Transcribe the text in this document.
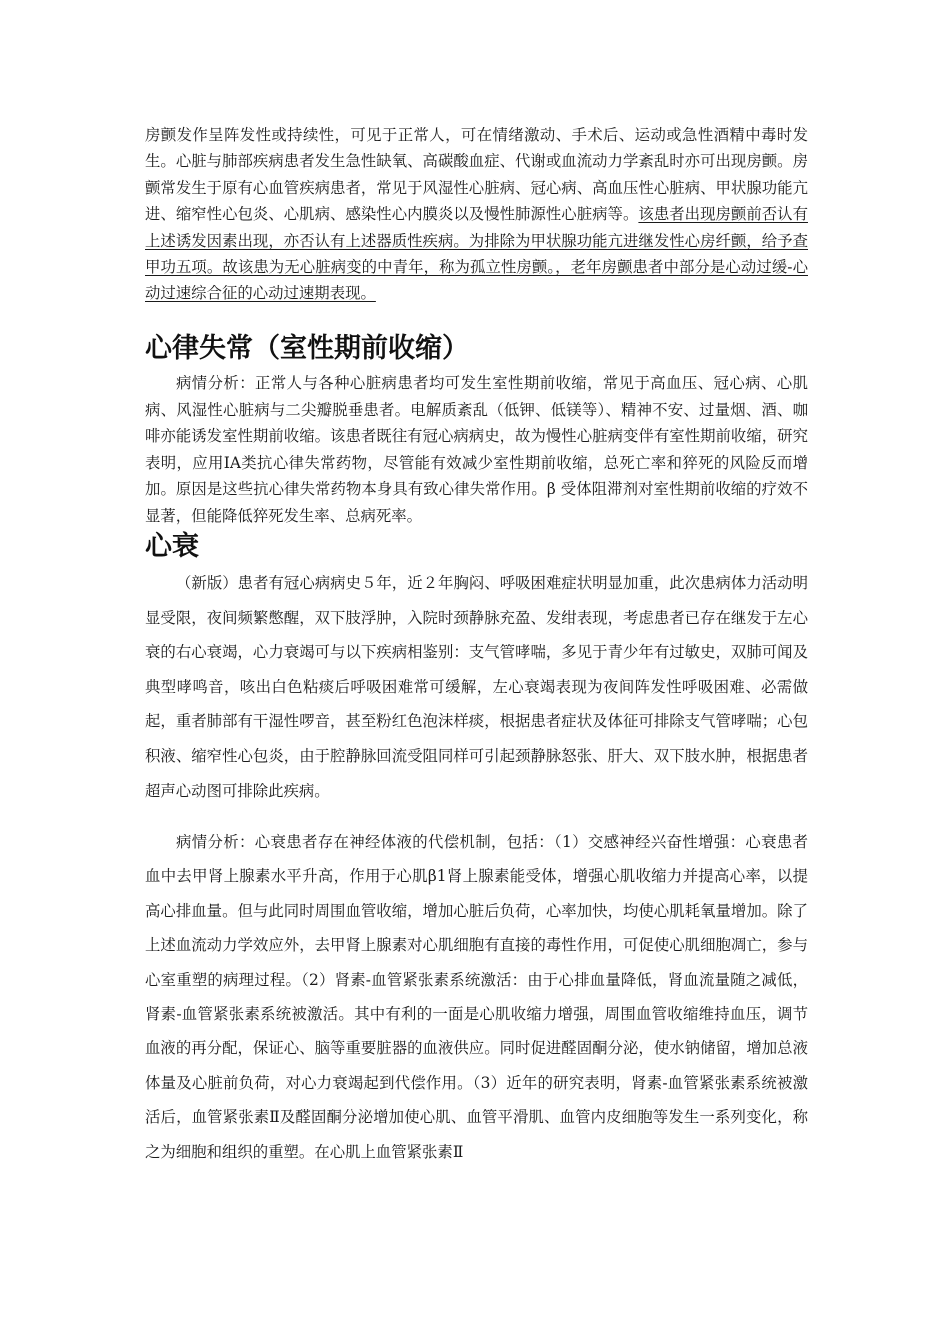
房颤发作呈阵发性或持续性，可见于正常人，可在情绪激动、手术后、运动或急性酒精中毒时发生。心脏与肺部疾病患者发生急性缺氧、高碳酸血症、代谢或血流动力学紊乱时亦可出现房颤。房颤常发生于原有心血管疾病患者，常见于风湿性心脏病、冠心病、高血压性心脏病、甲状腺功能亢进、缩窄性心包炎、心肌病、感染性心内膜炎以及慢性肺源性心脏病等。该患者出现房颤前否认有上述诱发因素出现，亦否认有上述器质性疾病。为排除为甲状腺功能亢进继发性心房纤颤，给予查甲功五项。故该患为无心脏病变的中青年，称为孤立性房颤。，老年房颤患者中部分是心动过缓-心动过速综合征的心动过速期表现。

心律失常（室性期前收缩）

病情分析：正常人与各种心脏病患者均可发生室性期前收缩，常见于高血压、冠心病、心肌病、风湿性心脏病与二尖瓣脱垂患者。电解质紊乱（低钾、低镁等）、精神不安、过量烟、酒、咖啡亦能诱发室性期前收缩。该患者既往有冠心病病史，故为慢性心脏病变伴有室性期前收缩，研究表明，应用IA类抗心律失常药物，尽管能有效减少室性期前收缩，总死亡率和猝死的风险反而增加。原因是这些抗心律失常药物本身具有致心律失常作用。β 受体阻滞剂对室性期前收缩的疗效不显著，但能降低猝死发生率、总病死率。

心衰

（新版）患者有冠心病病史５年，近２年胸闷、呼吸困难症状明显加重，此次患病体力活动明显受限，夜间频繁憋醒，双下肢浮肿，入院时颈静脉充盈、发绀表现，考虑患者已存在继发于左心衰的右心衰竭，心力衰竭可与以下疾病相鉴别：支气管哮喘，多见于青少年有过敏史，双肺可闻及典型哮鸣音，咳出白色粘痰后呼吸困难常可缓解，左心衰竭表现为夜间阵发性呼吸困难、必需做起，重者肺部有干湿性啰音，甚至粉红色泡沫样痰，根据患者症状及体征可排除支气管哮喘；心包积液、缩窄性心包炎，由于腔静脉回流受阻同样可引起颈静脉怒张、肝大、双下肢水肿，根据患者超声心动图可排除此疾病。

病情分析：心衰患者存在神经体液的代偿机制，包括：（1）交感神经兴奋性增强：心衰患者血中去甲肾上腺素水平升高，作用于心肌β1肾上腺素能受体，增强心肌收缩力并提高心率，以提高心排血量。但与此同时周围血管收缩，增加心脏后负荷，心率加快，均使心肌耗氧量增加。除了上述血流动力学效应外，去甲肾上腺素对心肌细胞有直接的毒性作用，可促使心肌细胞凋亡，参与心室重塑的病理过程。（2）肾素-血管紧张素系统激活：由于心排血量降低，肾血流量随之减低，肾素-血管紧张素系统被激活。其中有利的一面是心肌收缩力增强，周围血管收缩维持血压，调节血液的再分配，保证心、脑等重要脏器的血液供应。同时促进醛固酮分泌，使水钠储留，增加总液体量及心脏前负荷，对心力衰竭起到代偿作用。（3）近年的研究表明，肾素-血管紧张素系统被激活后，血管紧张素Ⅱ及醛固酮分泌增加使心肌、血管平滑肌、血管内皮细胞等发生一系列变化，称之为细胞和组织的重塑。在心肌上血管紧张素Ⅱ
